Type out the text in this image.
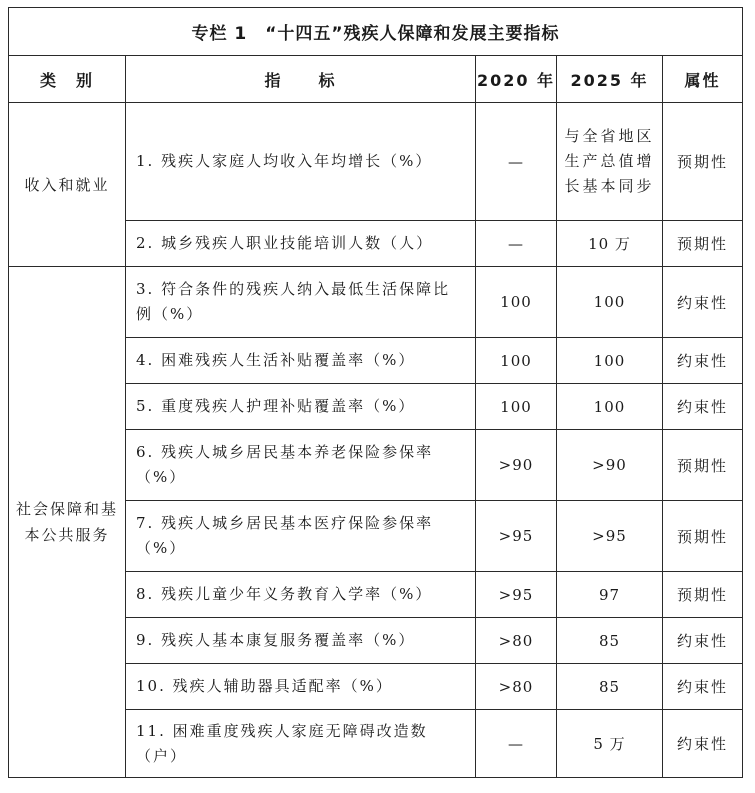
专栏 1　“十四五”残疾人保障和发展主要指标				
类　别	指　　标	2020 年	2025 年	属性
收入和就业	1. 残疾人家庭人均收入年均增长（%）	—	与全省地区生产总值增长基本同步	预期性
	2. 城乡残疾人职业技能培训人数（人）	—	10 万	预期性
社会保障和基本公共服务	3. 符合条件的残疾人纳入最低生活保障比例（%）	100	100	约束性
	4. 困难残疾人生活补贴覆盖率（%）	100	100	约束性
	5. 重度残疾人护理补贴覆盖率（%）	100	100	约束性
	6. 残疾人城乡居民基本养老保险参保率（%）	>90	>90	预期性
	7. 残疾人城乡居民基本医疗保险参保率（%）	>95	>95	预期性
	8. 残疾儿童少年义务教育入学率（%）	>95	97	预期性
	9. 残疾人基本康复服务覆盖率（%）	>80	85	约束性
	10. 残疾人辅助器具适配率（%）	>80	85	约束性
	11. 困难重度残疾人家庭无障碍改造数（户）	—	5 万	约束性
